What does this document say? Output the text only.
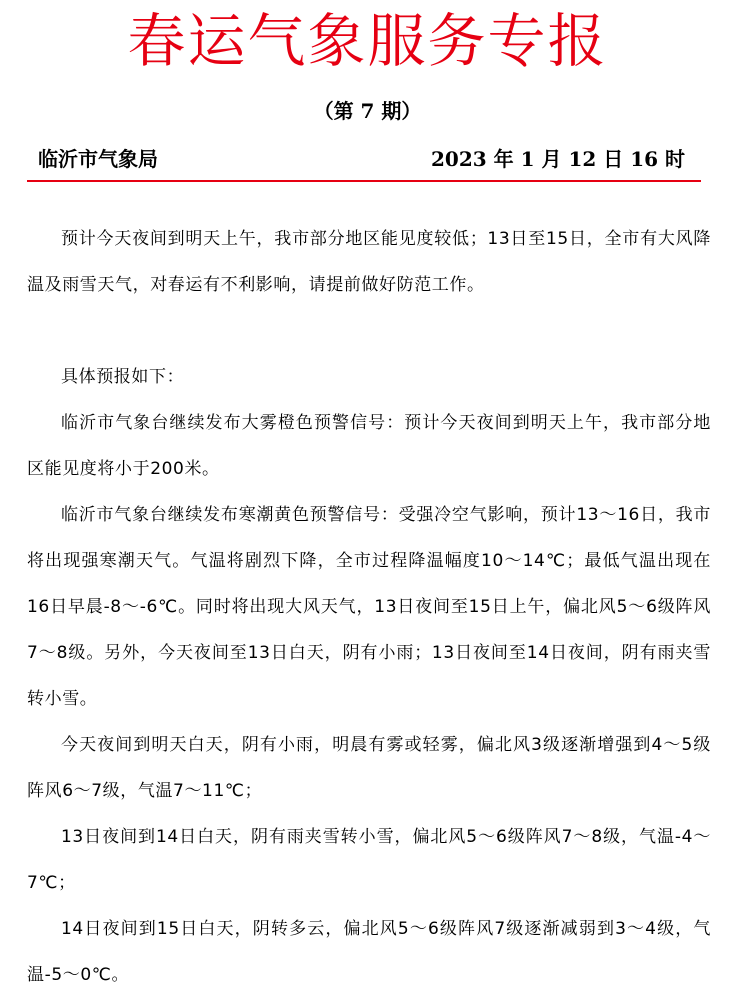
春运气象服务专报
（第 7 期）
临沂市气象局	2023 年 1 月 12 日 16 时

预计今天夜间到明天上午，我市部分地区能见度较低；13日至15日，全市有大风降温及雨雪天气，对春运有不利影响，请提前做好防范工作。

具体预报如下：

临沂市气象台继续发布大雾橙色预警信号：预计今天夜间到明天上午，我市部分地区能见度将小于200米。

临沂市气象台继续发布寒潮黄色预警信号：受强冷空气影响，预计13～16日，我市将出现强寒潮天气。气温将剧烈下降，全市过程降温幅度10～14℃；最低气温出现在16日早晨-8～-6℃。同时将出现大风天气，13日夜间至15日上午，偏北风5～6级阵风7～8级。另外，今天夜间至13日白天，阴有小雨；13日夜间至14日夜间，阴有雨夹雪转小雪。

今天夜间到明天白天，阴有小雨，明晨有雾或轻雾，偏北风3级逐渐增强到4～5级阵风6～7级，气温7～11℃；

13日夜间到14日白天，阴有雨夹雪转小雪，偏北风5～6级阵风7～8级，气温-4～7℃；

14日夜间到15日白天，阴转多云，偏北风5～6级阵风7级逐渐减弱到3～4级，气温-5～0℃。
